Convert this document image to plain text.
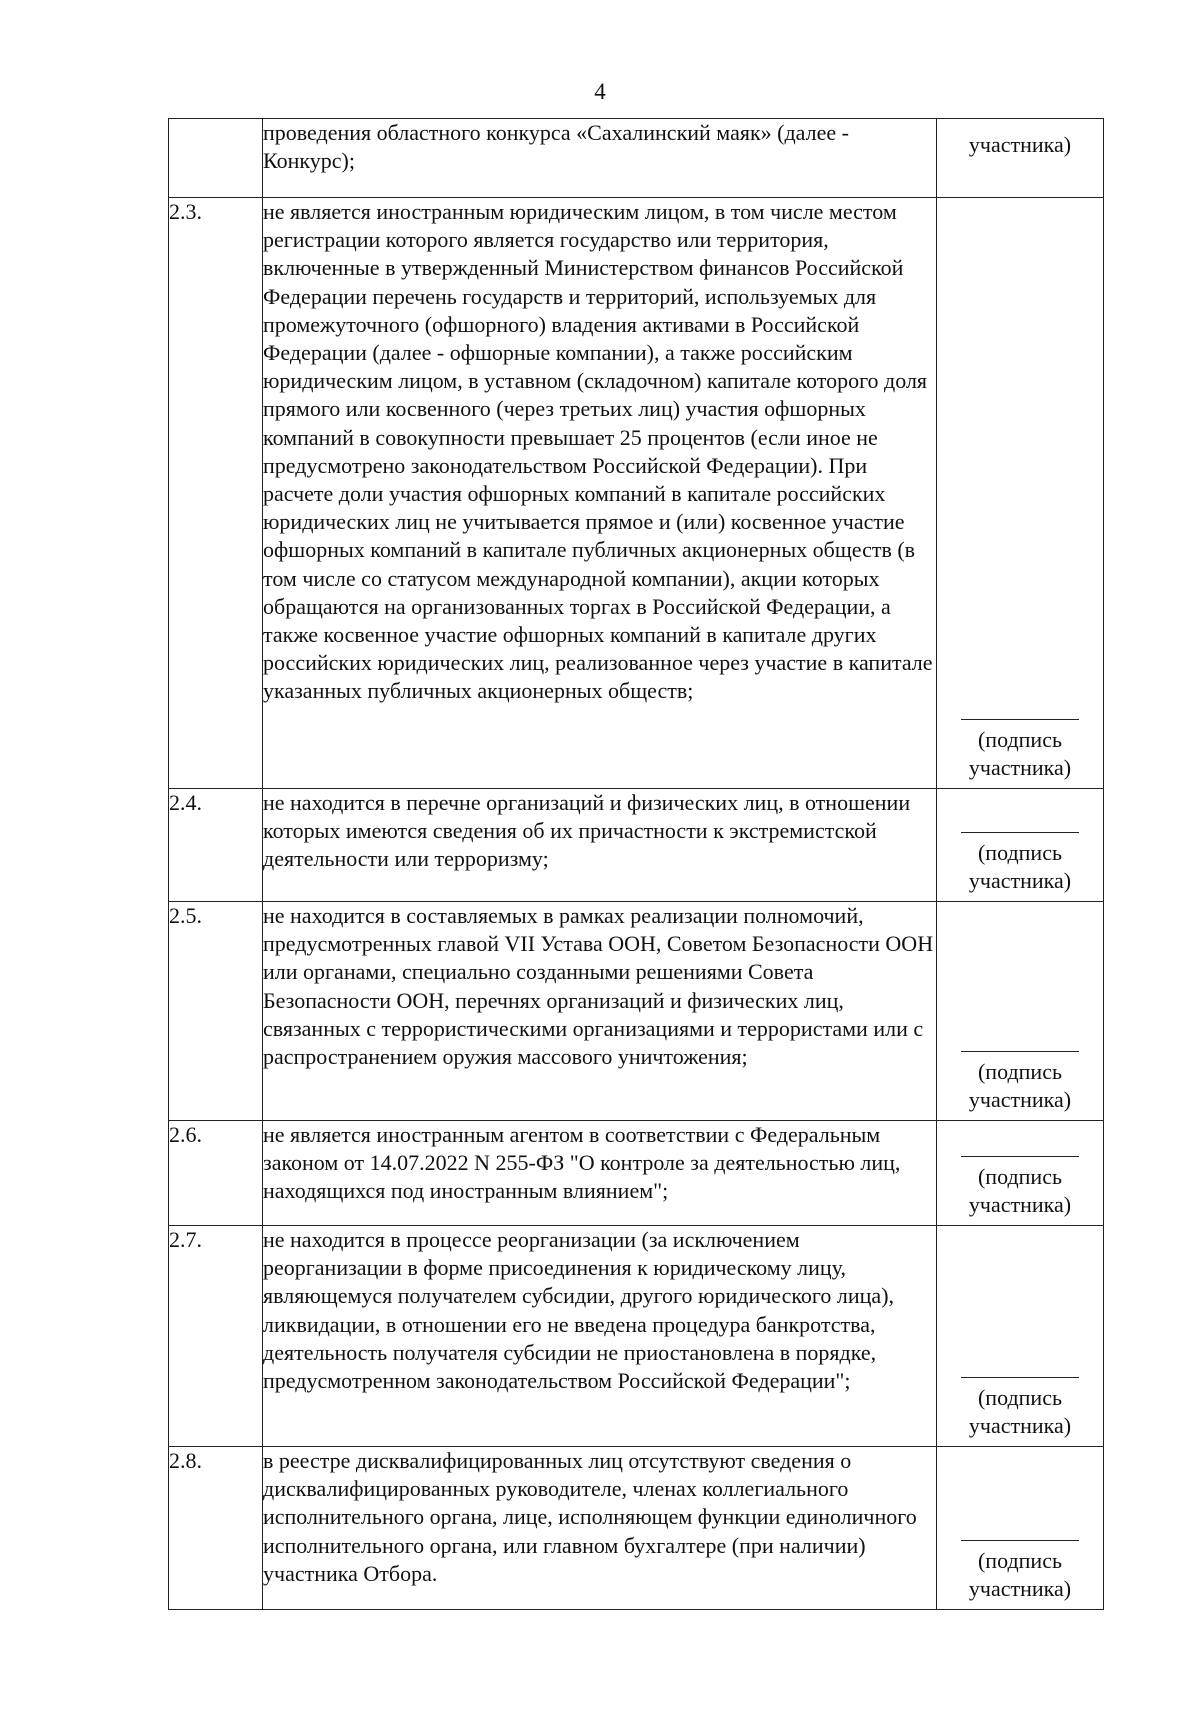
4
	проведения областного конкурса «Сахалинский маяк» (далее - Конкурс);	участника)

2.3.	не является иностранным юридическим лицом, в том числе местом регистрации которого является государство или территория, включенные в утвержденный Министерством финансов Российской Федерации перечень государств и территорий, используемых для промежуточного (офшорного) владения активами в Российской Федерации (далее - офшорные компании), а также российским юридическим лицом, в уставном (складочном) капитале которого доля прямого или косвенного (через третьих лиц) участия офшорных компаний в совокупности превышает 25 процентов (если иное не предусмотрено законодательством Российской Федерации). При расчете доли участия офшорных компаний в капитале российских юридических лиц не учитывается прямое и (или) косвенное участие офшорных компаний в капитале публичных акционерных обществ (в том числе со статусом международной компании), акции которых обращаются на организованных торгах в Российской Федерации, а также косвенное участие офшорных компаний в капитале других российских юридических лиц, реализованное через участие в капитале указанных публичных акционерных обществ;	(подпись участника)

2.4.	не находится в перечне организаций и физических лиц, в отношении которых имеются сведения об их причастности к экстремистской деятельности или терроризму;	(подпись участника)

2.5.	не находится в составляемых в рамках реализации полномочий, предусмотренных главой VII Устава ООН, Советом Безопасности ООН или органами, специально созданными решениями Совета Безопасности ООН, перечнях организаций и физических лиц, связанных с террористическими организациями и террористами или с распространением оружия массового уничтожения;	(подпись участника)

2.6.	не является иностранным агентом в соответствии с Федеральным законом от 14.07.2022 N 255-ФЗ "О контроле за деятельностью лиц, находящихся под иностранным влиянием";	(подпись участника)

2.7.	не находится в процессе реорганизации (за исключением реорганизации в форме присоединения к юридическому лицу, являющемуся получателем субсидии, другого юридического лица), ликвидации, в отношении его не введена процедура банкротства, деятельность получателя субсидии не приостановлена в порядке, предусмотренном законодательством Российской Федерации";	(подпись участника)

2.8.	в реестре дисквалифицированных лиц отсутствуют сведения о дисквалифицированных руководителе, членах коллегиального исполнительного органа, лице, исполняющем функции единоличного исполнительного органа, или главном бухгалтере (при наличии) участника Отбора.	(подпись участника)
